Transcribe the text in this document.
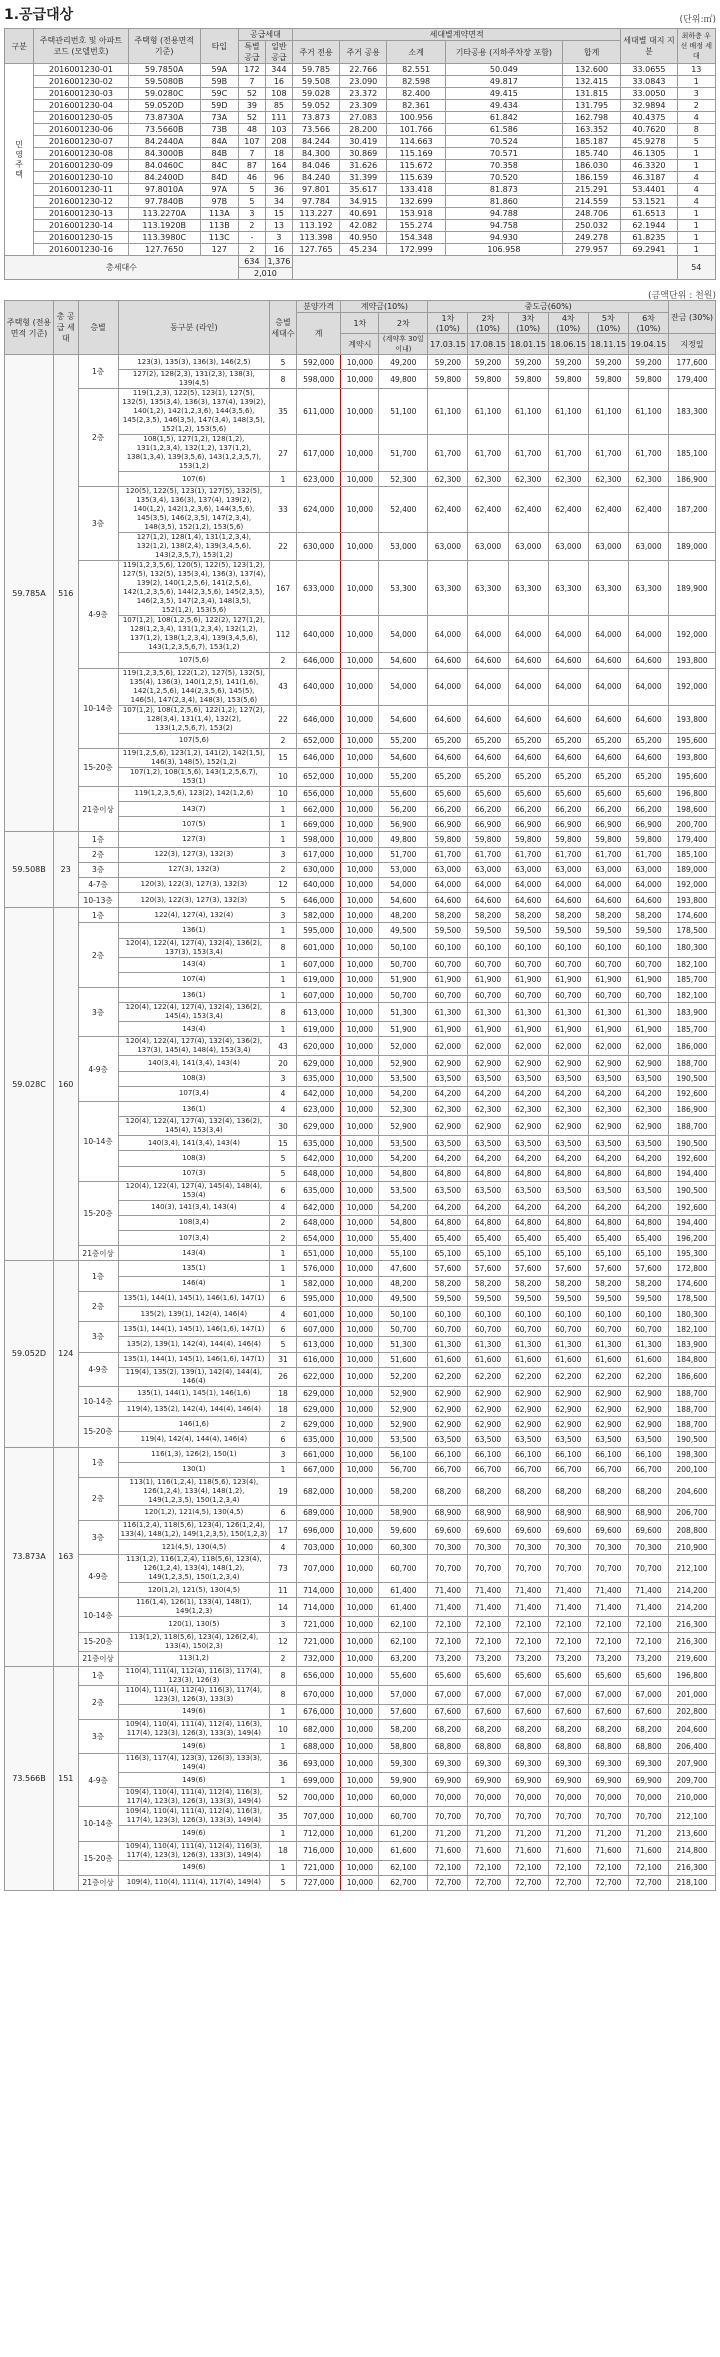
1.공급대상	(단위:㎡)
구분	주택관리번호 및 아파트 코드 (모델번호)	주택형 (전용면적 기준)	타입	공급세대		세대별계약면적					세대별 대지 지분	최하층 우선 배정 세대
				특별 공급	일반 공급	주거 전용	주거 공용	소계	기타공용 (지하주차장 포함)	합계		
민영주택	2016001230-01	59.7850A	59A	172	344	59.785	22.766	82.551	50.049	132.600	33.0655	13
	2016001230-02	59.5080B	59B	7	16	59.508	23.090	82.598	49.817	132.415	33.0843	1
	2016001230-03	59.0280C	59C	52	108	59.028	23.372	82.400	49.415	131.815	33.0050	3
	2016001230-04	59.0520D	59D	39	85	59.052	23.309	82.361	49.434	131.795	32.9894	2
	2016001230-05	73.8730A	73A	52	111	73.873	27.083	100.956	61.842	162.798	40.4375	4
	2016001230-06	73.5660B	73B	48	103	73.566	28.200	101.766	61.586	163.352	40.7620	8
	2016001230-07	84.2440A	84A	107	208	84.244	30.419	114.663	70.524	185.187	45.9278	5
	2016001230-08	84.3000B	84B	7	18	84.300	30.869	115.169	70.571	185.740	46.1305	1
	2016001230-09	84.0460C	84C	87	164	84.046	31.626	115.672	70.358	186.030	46.3320	1
	2016001230-10	84.2400D	84D	46	96	84.240	31.399	115.639	70.520	186.159	46.3187	4
	2016001230-11	97.8010A	97A	5	36	97.801	35.617	133.418	81.873	215.291	53.4401	4
	2016001230-12	97.7840B	97B	5	34	97.784	34.915	132.699	81.860	214.559	53.1521	4
	2016001230-13	113.2270A	113A	3	15	113.227	40.691	153.918	94.788	248.706	61.6513	1
	2016001230-14	113.1920B	113B	2	13	113.192	42.082	155.274	94.758	250.032	62.1944	1
	2016001230-15	113.3980C	113C	-	3	113.398	40.950	154.348	94.930	249.278	61.8235	1
	2016001230-16	127.7650	127	2	16	127.765	45.234	172.999	106.958	279.957	69.2941	1
총세대수				634	1,376							54
				2,010								
(금액단위 : 천원)
주택형 (전용면적 기준)	총 공급 세대	층별	동구분 (라인)	층별 세대수	분양가격	계약금(10%)		중도금(60%)						잔금 (30%)
					계	1차	2차	1차 (10%)	2차 (10%)	3차 (10%)	4차 (10%)	5차 (10%)	6차 (10%)	
						계약시	(계약후 30일 이내)	17.03.15	17.08.15	18.01.15	18.06.15	18.11.15	19.04.15	지정일
59.785A	516	1층	123(3), 135(3), 136(3), 146(2,5)	5	592,000	10,000	49,200	59,200	59,200	59,200	59,200	59,200	59,200	177,600
			127(2), 128(2,3), 131(2,3), 138(3), 139(4,5)	8	598,000	10,000	49,800	59,800	59,800	59,800	59,800	59,800	59,800	179,400
		2층	119(1,2,3), 122(5), 123(1), 127(5), 132(5), 135(3,4), 136(3), 137(4), 139(2), 140(1,2), 142(1,2,3,6), 144(3,5,6), 145(2,3,5), 146(3,5), 147(3,4), 148(3,5), 152(1,2), 153(5,6)	35	611,000	10,000	51,100	61,100	61,100	61,100	61,100	61,100	61,100	183,300
			108(1,5), 127(1,2), 128(1,2), 131(1,2,3,4), 132(1,2), 137(1,2), 138(1,3,4), 139(3,5,6), 143(1,2,3,5,7), 153(1,2)	27	617,000	10,000	51,700	61,700	61,700	61,700	61,700	61,700	61,700	185,100
			107(6)	1	623,000	10,000	52,300	62,300	62,300	62,300	62,300	62,300	62,300	186,900
		3층	120(5), 122(5), 123(1), 127(5), 132(5), 135(3,4), 136(3), 137(4), 139(2), 140(1,2), 142(1,2,3,6), 144(3,5,6), 145(3,5), 146(2,3,5), 147(2,3,4), 148(3,5), 152(1,2), 153(5,6)	33	624,000	10,000	52,400	62,400	62,400	62,400	62,400	62,400	62,400	187,200
			127(1,2), 128(1,4), 131(1,2,3,4), 132(1,2), 138(2,4), 139(3,4,5,6), 143(2,3,5,7), 153(1,2)	22	630,000	10,000	53,000	63,000	63,000	63,000	63,000	63,000	63,000	189,000
		4-9층	119(1,2,3,5,6), 120(5), 122(5), 123(1,2), 127(5), 132(5), 135(3,4), 136(3), 137(4), 139(2), 140(1,2,5,6), 141(2,5,6), 142(1,2,3,5,6), 144(2,3,5,6), 145(2,3,5), 146(2,3,5), 147(2,3,4), 148(3,5), 152(1,2), 153(5,6)	167	633,000	10,000	53,300	63,300	63,300	63,300	63,300	63,300	63,300	189,900
			107(1,2), 108(1,2,5,6), 122(2), 127(1,2), 128(1,2,3,4), 131(1,2,3,4), 132(1,2), 137(1,2), 138(1,2,3,4), 139(3,4,5,6), 143(1,2,3,5,6,7), 153(1,2)	112	640,000	10,000	54,000	64,000	64,000	64,000	64,000	64,000	64,000	192,000
			107(5,6)	2	646,000	10,000	54,600	64,600	64,600	64,600	64,600	64,600	64,600	193,800
		10-14층	119(1,2,3,5,6), 122(1,2), 127(5), 132(5), 135(4), 136(3), 140(1,2,5), 141(1,6), 142(1,2,5,6), 144(2,3,5,6), 145(5), 146(5), 147(2,3,4), 148(3), 153(5,6)	43	640,000	10,000	54,000	64,000	64,000	64,000	64,000	64,000	64,000	192,000
			107(1,2), 108(1,2,5,6), 122(1,2), 127(2), 128(3,4), 131(1,4), 132(2), 133(1,2,5,6,7), 153(2)	22	646,000	10,000	54,600	64,600	64,600	64,600	64,600	64,600	64,600	193,800
			107(5,6)	2	652,000	10,000	55,200	65,200	65,200	65,200	65,200	65,200	65,200	195,600
		15-20층	119(1,2,5,6), 123(1,2), 141(2), 142(1,5), 146(3), 148(5), 152(1,2)	15	646,000	10,000	54,600	64,600	64,600	64,600	64,600	64,600	64,600	193,800
			107(1,2), 108(1,5,6), 143(1,2,5,6,7), 153(1)	10	652,000	10,000	55,200	65,200	65,200	65,200	65,200	65,200	65,200	195,600
		21층이상	119(1,2,3,5,6), 123(2), 142(1,2,6)	10	656,000	10,000	55,600	65,600	65,600	65,600	65,600	65,600	65,600	196,800
			143(7)	1	662,000	10,000	56,200	66,200	66,200	66,200	66,200	66,200	66,200	198,600
			107(5)	1	669,000	10,000	56,900	66,900	66,900	66,900	66,900	66,900	66,900	200,700
59.508B	23	1층	127(3)	1	598,000	10,000	49,800	59,800	59,800	59,800	59,800	59,800	59,800	179,400
		2층	122(3), 127(3), 132(3)	3	617,000	10,000	51,700	61,700	61,700	61,700	61,700	61,700	61,700	185,100
		3층	127(3), 132(3)	2	630,000	10,000	53,000	63,000	63,000	63,000	63,000	63,000	63,000	189,000
		4-7층	120(3), 122(3), 127(3), 132(3)	12	640,000	10,000	54,000	64,000	64,000	64,000	64,000	64,000	64,000	192,000
		10-13층	120(3), 122(3), 127(3), 132(3)	5	646,000	10,000	54,600	64,600	64,600	64,600	64,600	64,600	64,600	193,800
59.028C	160	1층	122(4), 127(4), 132(4)	3	582,000	10,000	48,200	58,200	58,200	58,200	58,200	58,200	58,200	174,600
		2층	136(1)	1	595,000	10,000	49,500	59,500	59,500	59,500	59,500	59,500	59,500	178,500
			120(4), 122(4), 127(4), 132(4), 136(2), 137(3), 153(3,4)	8	601,000	10,000	50,100	60,100	60,100	60,100	60,100	60,100	60,100	180,300
			143(4)	1	607,000	10,000	50,700	60,700	60,700	60,700	60,700	60,700	60,700	182,100
			107(4)	1	619,000	10,000	51,900	61,900	61,900	61,900	61,900	61,900	61,900	185,700
		3층	136(1)	1	607,000	10,000	50,700	60,700	60,700	60,700	60,700	60,700	60,700	182,100
			120(4), 122(4), 127(4), 132(4), 136(2), 145(4), 153(3,4)	8	613,000	10,000	51,300	61,300	61,300	61,300	61,300	61,300	61,300	183,900
			143(4)	1	619,000	10,000	51,900	61,900	61,900	61,900	61,900	61,900	61,900	185,700
		4-9층	120(4), 122(4), 127(4), 132(4), 136(2), 137(3), 145(4), 148(4), 153(3,4)	43	620,000	10,000	52,000	62,000	62,000	62,000	62,000	62,000	62,000	186,000
			140(3,4), 141(3,4), 143(4)	20	629,000	10,000	52,900	62,900	62,900	62,900	62,900	62,900	62,900	188,700
			108(3)	3	635,000	10,000	53,500	63,500	63,500	63,500	63,500	63,500	63,500	190,500
			107(3,4)	4	642,000	10,000	54,200	64,200	64,200	64,200	64,200	64,200	64,200	192,600
		10-14층	136(1)	4	623,000	10,000	52,300	62,300	62,300	62,300	62,300	62,300	62,300	186,900
			120(4), 122(4), 127(4), 132(4), 136(2), 145(4), 153(3,4)	30	629,000	10,000	52,900	62,900	62,900	62,900	62,900	62,900	62,900	188,700
			140(3,4), 141(3,4), 143(4)	15	635,000	10,000	53,500	63,500	63,500	63,500	63,500	63,500	63,500	190,500
			108(3)	5	642,000	10,000	54,200	64,200	64,200	64,200	64,200	64,200	64,200	192,600
			107(3)	5	648,000	10,000	54,800	64,800	64,800	64,800	64,800	64,800	64,800	194,400
		15-20층	120(4), 122(4), 127(4), 145(4), 148(4), 153(4)	6	635,000	10,000	53,500	63,500	63,500	63,500	63,500	63,500	63,500	190,500
			140(3), 141(3,4), 143(4)	4	642,000	10,000	54,200	64,200	64,200	64,200	64,200	64,200	64,200	192,600
			108(3,4)	2	648,000	10,000	54,800	64,800	64,800	64,800	64,800	64,800	64,800	194,400
			107(3,4)	2	654,000	10,000	55,400	65,400	65,400	65,400	65,400	65,400	65,400	196,200
		21층이상	143(4)	1	651,000	10,000	55,100	65,100	65,100	65,100	65,100	65,100	65,100	195,300
59.052D	124	1층	135(1)	1	576,000	10,000	47,600	57,600	57,600	57,600	57,600	57,600	57,600	172,800
			146(4)	1	582,000	10,000	48,200	58,200	58,200	58,200	58,200	58,200	58,200	174,600
		2층	135(1), 144(1), 145(1), 146(1,6), 147(1)	6	595,000	10,000	49,500	59,500	59,500	59,500	59,500	59,500	59,500	178,500
			135(2), 139(1), 142(4), 146(4)	4	601,000	10,000	50,100	60,100	60,100	60,100	60,100	60,100	60,100	180,300
		3층	135(1), 144(1), 145(1), 146(1,6), 147(1)	6	607,000	10,000	50,700	60,700	60,700	60,700	60,700	60,700	60,700	182,100
			135(2), 139(1), 142(4), 144(4), 146(4)	5	613,000	10,000	51,300	61,300	61,300	61,300	61,300	61,300	61,300	183,900
		4-9층	135(1), 144(1), 145(1), 146(1,6), 147(1)	31	616,000	10,000	51,600	61,600	61,600	61,600	61,600	61,600	61,600	184,800
			119(4), 135(2), 139(1), 142(4), 144(4), 146(4)	26	622,000	10,000	52,200	62,200	62,200	62,200	62,200	62,200	62,200	186,600
		10-14층	135(1), 144(1), 145(1), 146(1,6)	18	629,000	10,000	52,900	62,900	62,900	62,900	62,900	62,900	62,900	188,700
			119(4), 135(2), 142(4), 144(4), 146(4)	18	629,000	10,000	52,900	62,900	62,900	62,900	62,900	62,900	62,900	188,700
		15-20층	146(1,6)	2	629,000	10,000	52,900	62,900	62,900	62,900	62,900	62,900	62,900	188,700
			119(4), 142(4), 144(4), 146(4)	6	635,000	10,000	53,500	63,500	63,500	63,500	63,500	63,500	63,500	190,500
73.873A	163	1층	116(1,3), 126(2), 150(1)	3	661,000	10,000	56,100	66,100	66,100	66,100	66,100	66,100	66,100	198,300
			130(1)	1	667,000	10,000	56,700	66,700	66,700	66,700	66,700	66,700	66,700	200,100
		2층	113(1), 116(1,2,4), 118(5,6), 123(4), 126(1,2,4), 133(4), 148(1,2), 149(1,2,3,5), 150(1,2,3,4)	19	682,000	10,000	58,200	68,200	68,200	68,200	68,200	68,200	68,200	204,600
			120(1,2), 121(4,5), 130(4,5)	6	689,000	10,000	58,900	68,900	68,900	68,900	68,900	68,900	68,900	206,700
		3층	116(1,2,4), 118(5,6), 123(4), 126(1,2,4), 133(4), 148(1,2), 149(1,2,3,5), 150(1,2,3)	17	696,000	10,000	59,600	69,600	69,600	69,600	69,600	69,600	69,600	208,800
			121(4,5), 130(4,5)	4	703,000	10,000	60,300	70,300	70,300	70,300	70,300	70,300	70,300	210,900
		4-9층	113(1,2), 116(1,2,4), 118(5,6), 123(4), 126(1,2,4), 133(4), 148(1,2), 149(1,2,3,5), 150(1,2,3,4)	73	707,000	10,000	60,700	70,700	70,700	70,700	70,700	70,700	70,700	212,100
			120(1,2), 121(5), 130(4,5)	11	714,000	10,000	61,400	71,400	71,400	71,400	71,400	71,400	71,400	214,200
		10-14층	116(1,4), 126(1), 133(4), 148(1), 149(1,2,3)	14	714,000	10,000	61,400	71,400	71,400	71,400	71,400	71,400	71,400	214,200
			120(1), 130(5)	3	721,000	10,000	62,100	72,100	72,100	72,100	72,100	72,100	72,100	216,300
		15-20층	113(1,2), 118(5,6), 123(4), 126(2,4), 133(4), 150(2,3)	12	721,000	10,000	62,100	72,100	72,100	72,100	72,100	72,100	72,100	216,300
		21층이상	113(1,2)	2	732,000	10,000	63,200	73,200	73,200	73,200	73,200	73,200	73,200	219,600
73.566B	151	1층	110(4), 111(4), 112(4), 116(3), 117(4), 123(3), 126(3)	8	656,000	10,000	55,600	65,600	65,600	65,600	65,600	65,600	65,600	196,800
		2층	110(4), 111(4), 112(4), 116(3), 117(4), 123(3), 126(3), 133(3)	8	670,000	10,000	57,000	67,000	67,000	67,000	67,000	67,000	67,000	201,000
			149(6)	1	676,000	10,000	57,600	67,600	67,600	67,600	67,600	67,600	67,600	202,800
		3층	109(4), 110(4), 111(4), 112(4), 116(3), 117(4), 123(3), 126(3), 133(3), 149(4)	10	682,000	10,000	58,200	68,200	68,200	68,200	68,200	68,200	68,200	204,600
			149(6)	1	688,000	10,000	58,800	68,800	68,800	68,800	68,800	68,800	68,800	206,400
		4-9층	116(3), 117(4), 123(3), 126(3), 133(3), 149(4)	36	693,000	10,000	59,300	69,300	69,300	69,300	69,300	69,300	69,300	207,900
			149(6)	1	699,000	10,000	59,900	69,900	69,900	69,900	69,900	69,900	69,900	209,700
			109(4), 110(4), 111(4), 112(4), 116(3), 117(4), 123(3), 126(3), 133(3), 149(4)	52	700,000	10,000	60,000	70,000	70,000	70,000	70,000	70,000	70,000	210,000
		10-14층	109(4), 110(4), 111(4), 112(4), 116(3), 117(4), 123(3), 126(3), 133(3), 149(4)	35	707,000	10,000	60,700	70,700	70,700	70,700	70,700	70,700	70,700	212,100
			149(6)	1	712,000	10,000	61,200	71,200	71,200	71,200	71,200	71,200	71,200	213,600
		15-20층	109(4), 110(4), 111(4), 112(4), 116(3), 117(4), 123(3), 126(3), 133(3), 149(4)	18	716,000	10,000	61,600	71,600	71,600	71,600	71,600	71,600	71,600	214,800
			149(6)	1	721,000	10,000	62,100	72,100	72,100	72,100	72,100	72,100	72,100	216,300
		21층이상	109(4), 110(4), 111(4), 117(4), 149(4)	5	727,000	10,000	62,700	72,700	72,700	72,700	72,700	72,700	72,700	218,100
